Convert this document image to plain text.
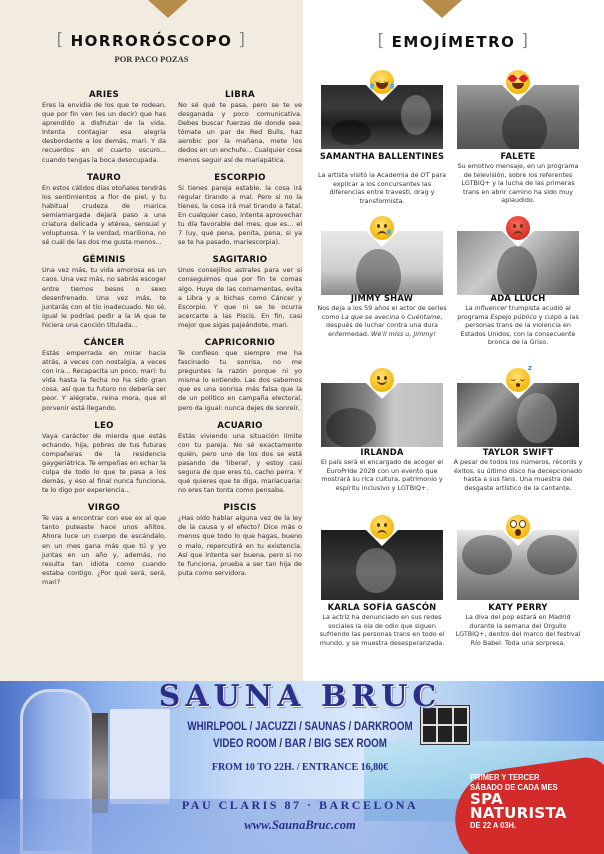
[ HORRORÓSCOPO ]
POR PACO POZAS
ARIES

Eres la envidia de los que te rodean, que por fin ven (es un decir) que has aprendido a disfrutar de la vida. Intenta contagiar esa alegría desbordante a los demás, mari. Y da recuerdos en el cuarto oscuro... cuando tengas la boca desocupada.

TAURO

En estos cálidos días otoñales tendrás los sentimientos a flor de piel, y tu habitual crudeza de marica semiamargada dejará paso a una criatura delicada y etérea, sensual y voluptuosa. Y la verdad, mariliona, no sé cuál de las dos me gusta menos...

GÉMINIS

Una vez más, tu vida amorosa es un caos. Una vez más, no sabrás escoger entre tiernos besos o sexo desenfrenado. Una vez más, te juntarás con el tío inadecuado. No sé, igual le podrías pedir a la IA que te hiciera una canción titulada...

CÁNCER

Estás emperrada en mirar hacia atrás, a veces con nostalgia, a veces con ira... Recapacita un poco, mari: tu vida hasta la fecha no ha sido gran cosa, así que tu futuro no debería ser peor. Y alégrate, reina mora, que el porvenir está llegando.

LEO

Vaya carácter de mierda que estás echando, hija, pobres de tus futuras compañeras de la residencia gaygeriátrica. Te empeñas en echar la culpa de todo lo que te pasa a los demás, y eso al final nunca funciona, te lo digo por experiencia...

VIRGO

Te vas a encontrar con ese ex al que tanto puteaste hace unos añitos. Ahora luce un cuerpo de escándalo, en un mes gana más que tú y yo juntas en un año y, además, no resulta tan idiota como cuando estaba contigo. ¿Por qué será, será, mari?

LIBRA

No sé qué te pasa, pero se te ve desganada y poco comunicativa. Debes buscar fuerzas de donde sea: tómate un par de Red Bulls, haz aerobic por la mañana, mete los dedos en un enchufe... Cualquier cosa menos seguir así de mariapática.

ESCORPIO

Si tienes pareja estable, la cosa irá regular tirando a mal. Pero si no la tienes, la cosa irá mal tirando a fatal. En cualquier caso, intenta aprovechar tu día favorable del mes, que es... el 7 (uy, qué pena, penita, pena, si ya se te ha pasado, mariescorpia).

SAGITARIO

Unos consejillos astrales para ver si conseguimos que por fin te comas algo. Huye de las cornamentas, evita a Libra y a bichas como Cáncer y Escorpio. Y que ni se te ocurra acercarte a las Piscis. En fin, casi mejor que sigas pajeándote, mari.

CAPRICORNIO

Te confieso que siempre me ha fascinado tu sonrisa, no me preguntes la razón porque ni yo misma lo entiendo. Las dos sabemos que es una sonrisa más falsa que la de un político en campaña electoral, pero da igual: nunca dejes de sonreír.

ACUARIO

Estás viviendo una situación límite con tu pareja. No sé exactamente quién, pero uno de los dos se está pasando de 'liberal', y estoy casi segura de que eres tú, cacho perra. Y qué quieres que te diga, mariacuaria: no eres tan tonta como pensaba.

PISCIS

¿Has oído hablar alguna vez de la ley de la causa y el efecto? Dice más o menos que todo lo que hagas, bueno o malo, repercutirá en tu existencia. Así que intenta ser buena, pero si no te funciona, prueba a ser tan hija de puta como servidora.

[ EMOJÍMETRO ]
SAMANTHA BALLENTINES
La artista visitó la Academia de OT para explicar a los concursantes las diferencias entre travesti, drag y transformista.
FALETE
Su emotivo mensaje, en un programa de televisión, sobre los referentes LGTBIQ+ y la lucha de las primeras trans en abrir camino ha sido muy aplaudido.
JIMMY SHAW
Nos deja a los 59 años el actor de series como La que se avecina o Cuéntame, después de luchar contra una dura enfermedad. We'll miss u, Jimmy!
ADA LLUCH
La influencer trumpista acudió al programa Espejo público y culpó a las personas trans de la violencia en Estados Unidos, con la consecuente bronca de la Griso.
IRLANDA
El país será el encargado de acoger el EuroPride 2028 con un evento que mostrará su rica cultura, patrimonio y espíritu inclusivo y LGTBIQ+.
z
TAYLOR SWIFT
A pesar de todos los números, récords y éxitos, su último disco ha decepcionado hasta a sus fans. Una muestra del desgaste artístico de la cantante.
KARLA SOFÍA GASCÓN
La actriz ha denunciado en sus redes sociales la ola de odio que siguen sufriendo las personas trans en todo el mundo, y se muestra desesperanzada.
KATY PERRY
La diva del pop estará en Madrid durante la semana del Orgullo LGTBIQ+, dentro del marco del festival Río Babel. Toda una sorpresa.
SAUNA BRUC
WHIRLPOOL / JACUZZI / SAUNAS / DARKROOM
VIDEO ROOM / BAR / BIG SEX ROOM
FROM 10 TO 22H. / ENTRANCE 16,80€
PAU CLARIS 87 · BARCELONA
www.SaunaBruc.com
PRIMER Y TERCER
SÁBADO DE CADA MES
SPA
NATURISTA
DE 22 A 03H.
